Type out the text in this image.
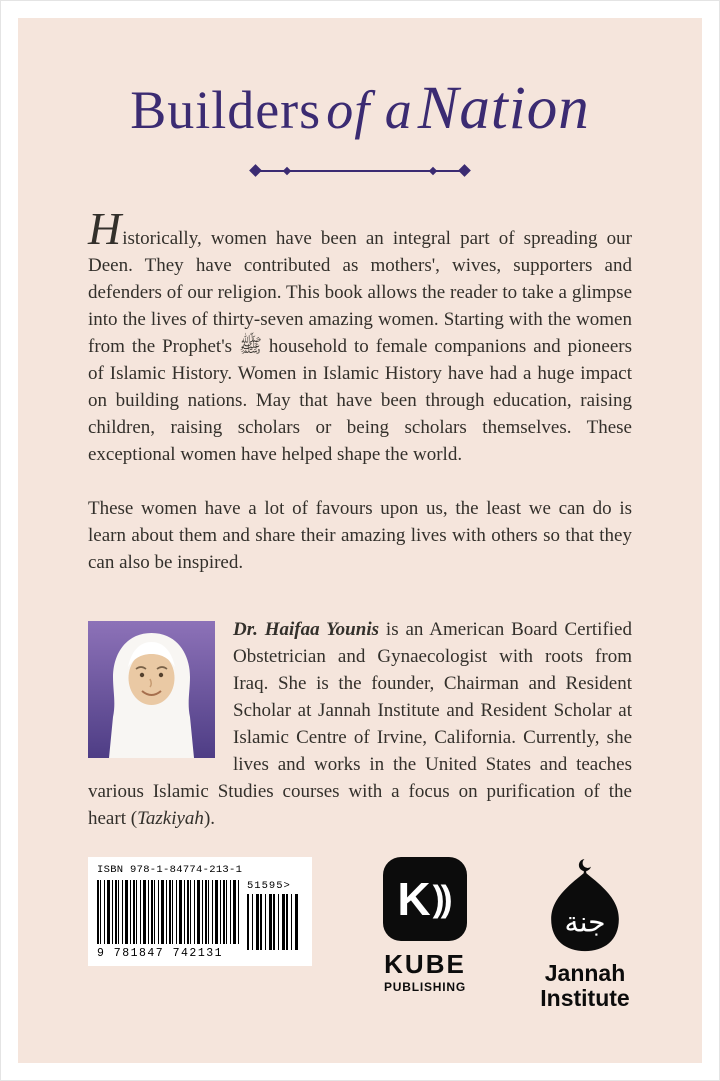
Buildersof aNation

Historically, women have been an integral part of spreading our Deen. They have contributed as mothers', wives, supporters and defenders of our religion. This book allows the reader to take a glimpse into the lives of thirty-seven amazing women. Starting with the women from the Prophet's ﷺ household to female companions and pioneers of Islamic History. Women in Islamic History have had a huge impact on building nations. May that have been through education, raising children, raising scholars or being scholars themselves. These exceptional women have helped shape the world.

These women have a lot of favours upon us, the least we can do is learn about them and share their amazing lives with others so that they can also be inspired.

Dr. Haifaa Younis is an American Board Certified Obstetrician and Gynaecologist with roots from Iraq. She is the founder, Chairman and Resident Scholar at Jannah Institute and Resident Scholar at Islamic Centre of Irvine, California. Currently, she lives and works in the United States and teaches various Islamic Studies courses with a focus on purification of the heart (Tazkiyah).
ISBN 978-1-84774-213-1
9 781847 742131
51595> K ))
KUBE
PUBLISHING
جنة
Jannah
Institute
